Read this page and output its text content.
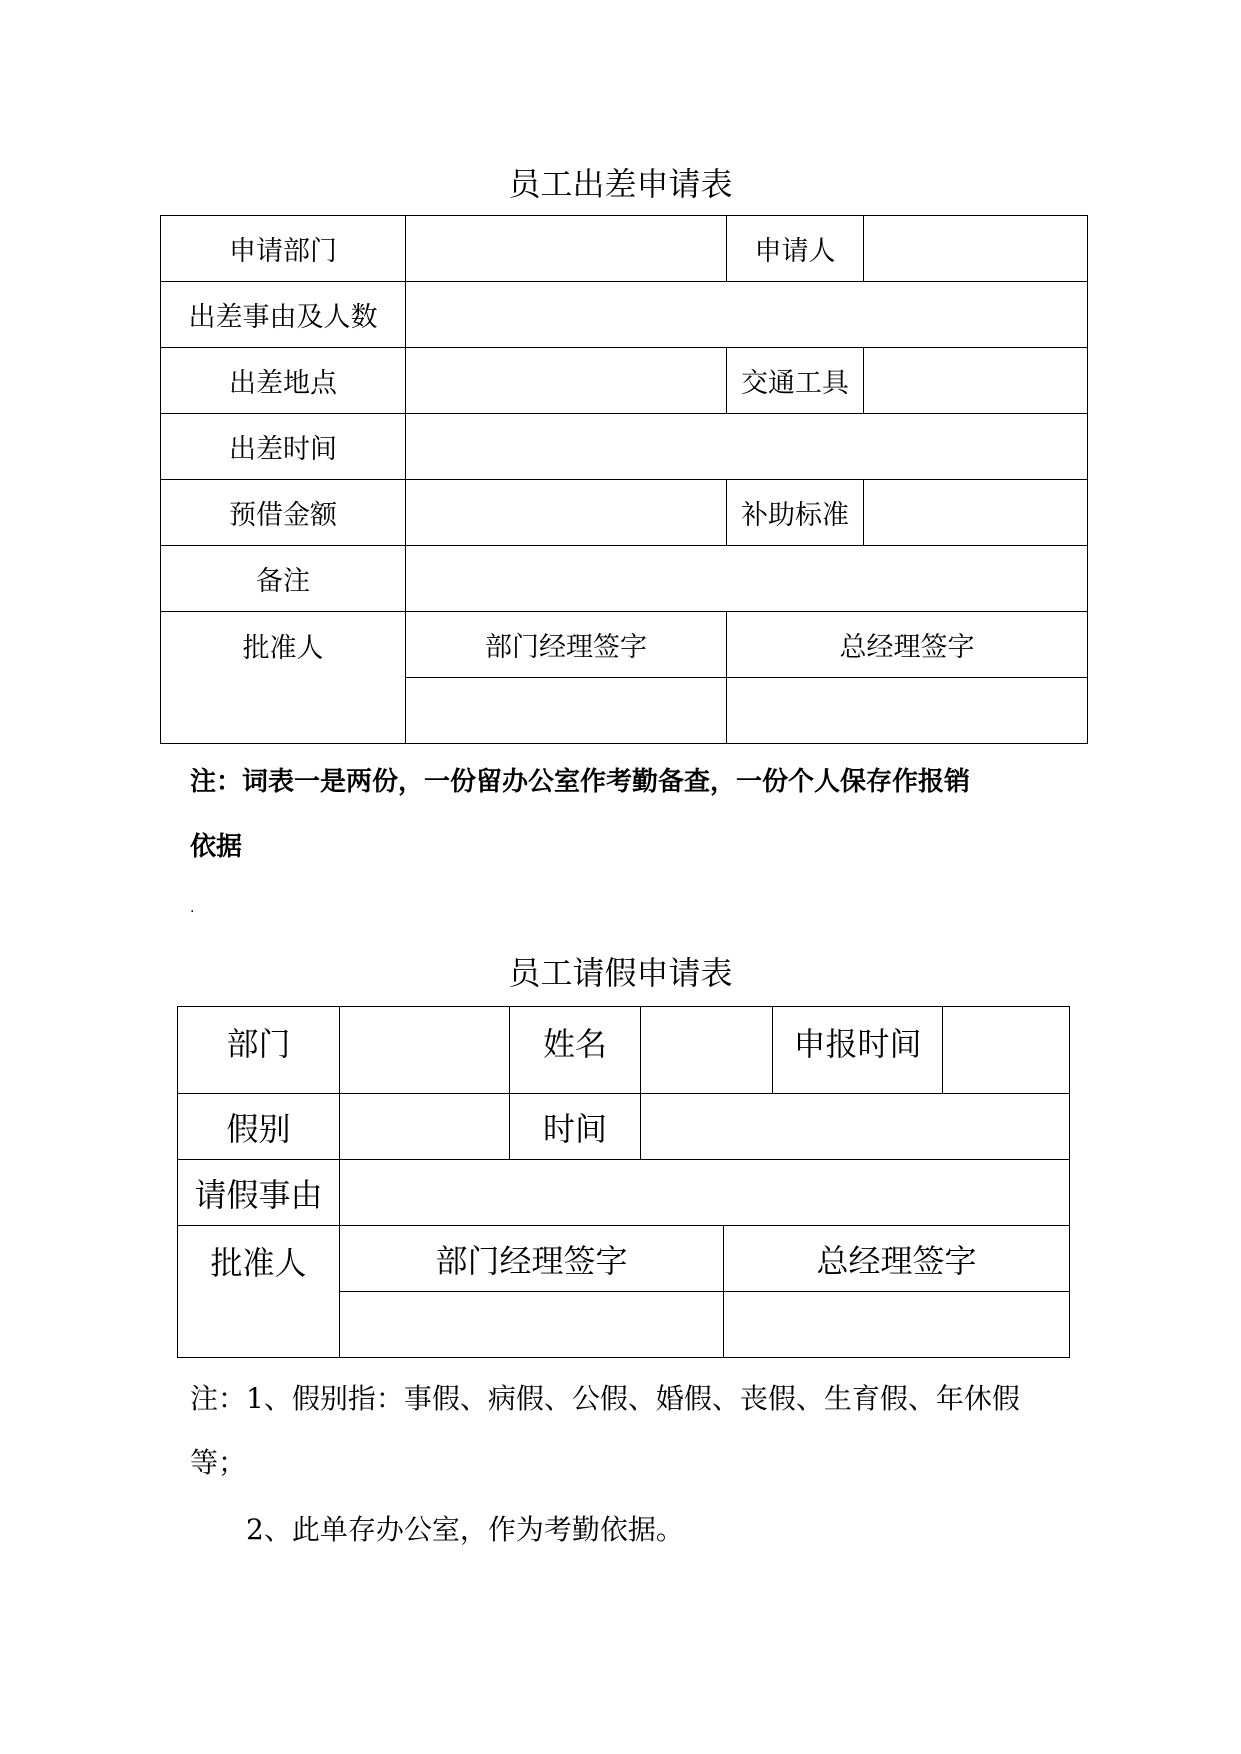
员工出差申请表
申请部门		申请人	
出差事由及人数			
出差地点		交通工具	
出差时间			
预借金额		补助标准	
备注			
批准人	部门经理签字	总经理签字	

注：词表一是两份，一份留办公室作考勤备查，一份个人保存作报销
依据
.
员工请假申请表
部门		姓名			申报时间	
假别		时间				
请假事由						
批准人	部门经理签字			总经理签字		

注：1、假别指：事假、病假、公假、婚假、丧假、生育假、年休假
等；
2、此单存办公室，作为考勤依据。
